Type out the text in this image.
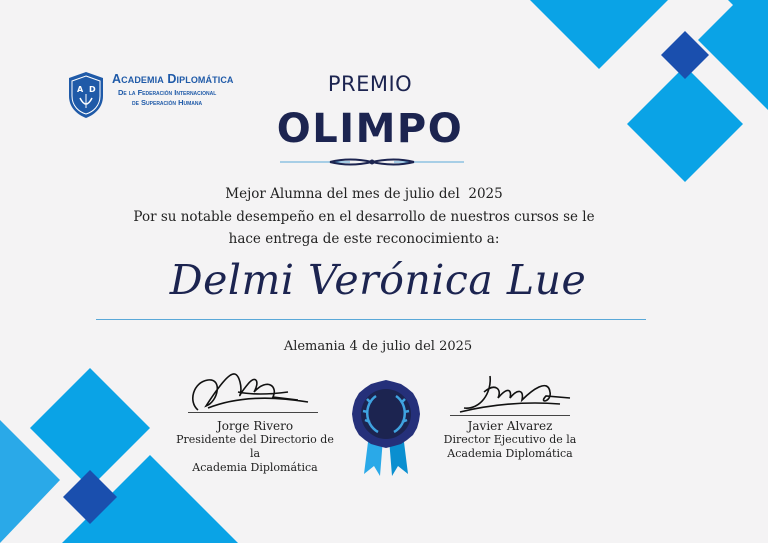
A D
Academia Diplomática
De la Federación Internacional
de Superación Humana
PREMIO
OLIMPO
Mejor Alumna del mes de julio del  2025
Por su notable desempeño en el desarrollo de nuestros cursos se le
hace entrega de este reconocimiento a:
Delmi Verónica Lue
Alemania 4 de julio del 2025
Jorge Rivero
Presidente del Directorio de la
Academia Diplomática
Javier Alvarez
Director Ejecutivo de la
Academia Diplomática
